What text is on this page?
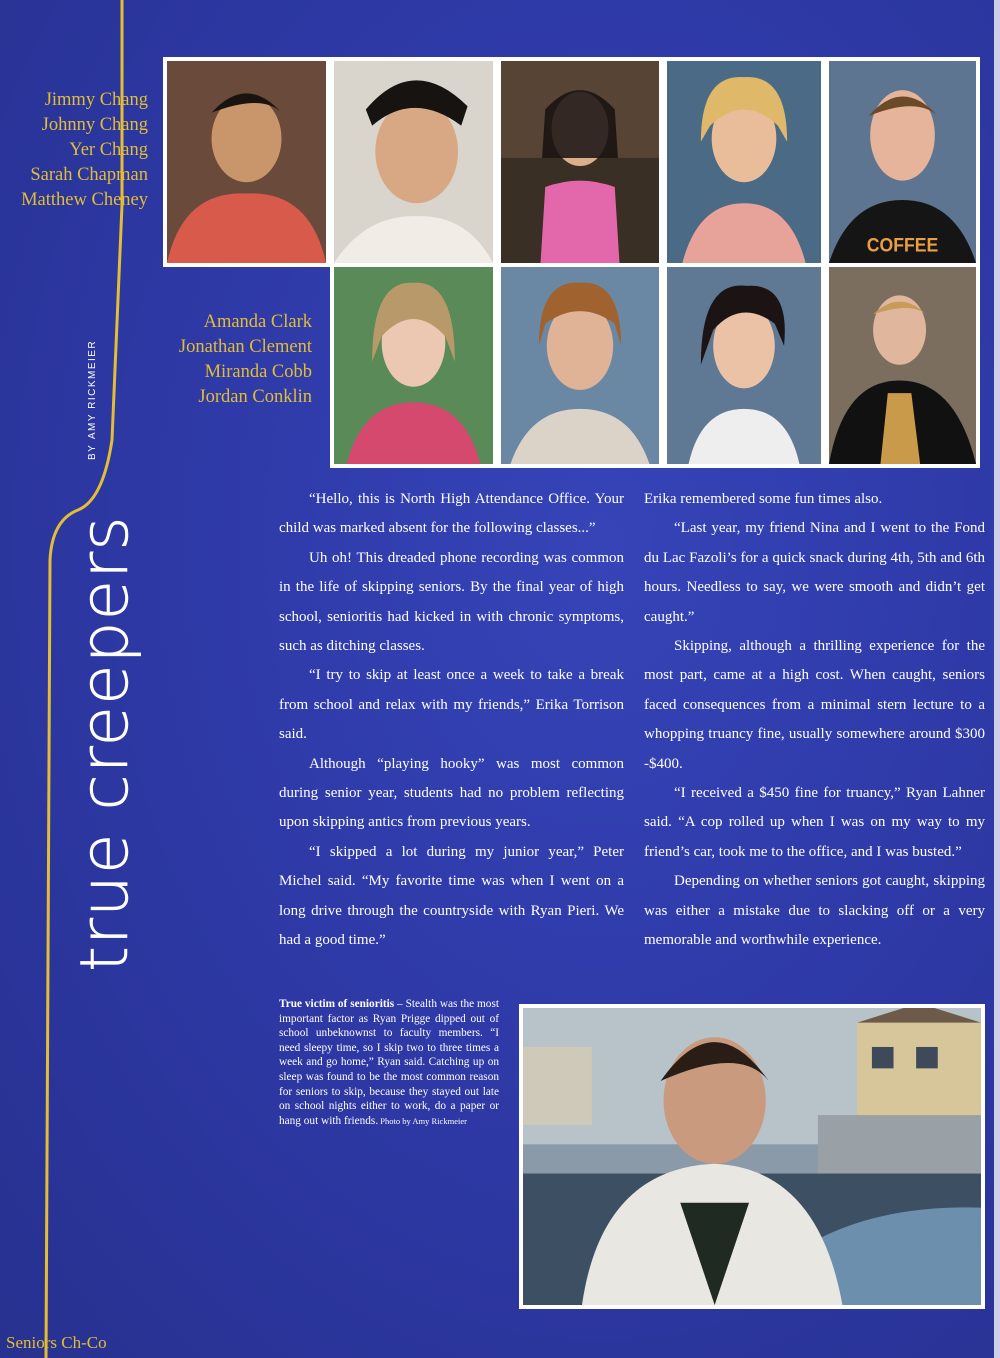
Jimmy Chang
Johnny Chang
Yer Chang
Sarah Chapman
Matthew Cheney
Amanda Clark
Jonathan Clement
Miranda Cobb
Jordan Conklin
BY AMY RICKMEIER
true creepers
COFFEE

“Hello, this is North High Attendance Office. Your child was marked absent for the following classes...”

Uh oh! This dreaded phone recording was common in the life of skipping seniors. By the final year of high school, senioritis had kicked in with chronic symptoms, such as ditching classes.

“I try to skip at least once a week to take a break from school and relax with my friends,” Erika Torrison said.

Although “playing hooky” was most common during senior year, students had no problem reflecting upon skipping antics from previous years.

“I skipped a lot during my junior year,” Peter Michel said. “My favorite time was when I went on a long drive through the countryside with Ryan Pieri. We had a good time.”

Erika remembered some fun times also.

“Last year, my friend Nina and I went to the Fond du Lac Fazoli’s for a quick snack during 4th, 5th and 6th hours. Needless to say, we were smooth and didn’t get caught.”

Skipping, although a thrilling experience for the most part, came at a high cost. When caught, seniors faced consequences from a minimal stern lecture to a whopping truancy fine, usually somewhere around $300 -$400.

“I received a $450 fine for truancy,” Ryan Lahner said. “A cop rolled up when I was on my way to my friend’s car, took me to the office, and I was busted.”

Depending on whether seniors got caught, skipping was either a mistake due to slacking off or a very memorable and worthwhile experience.

True victim of senioritis – Stealth was the most important factor as Ryan Prigge dipped out of school unbeknownst to faculty members. “I need sleepy time, so I skip two to three times a week and go home,” Ryan said. Catching up on sleep was found to be the most common reason for seniors to skip, because they stayed out late on school nights either to work, do a paper or hang out with friends. Photo by Amy Rickmeier
Seniors Ch-Co
